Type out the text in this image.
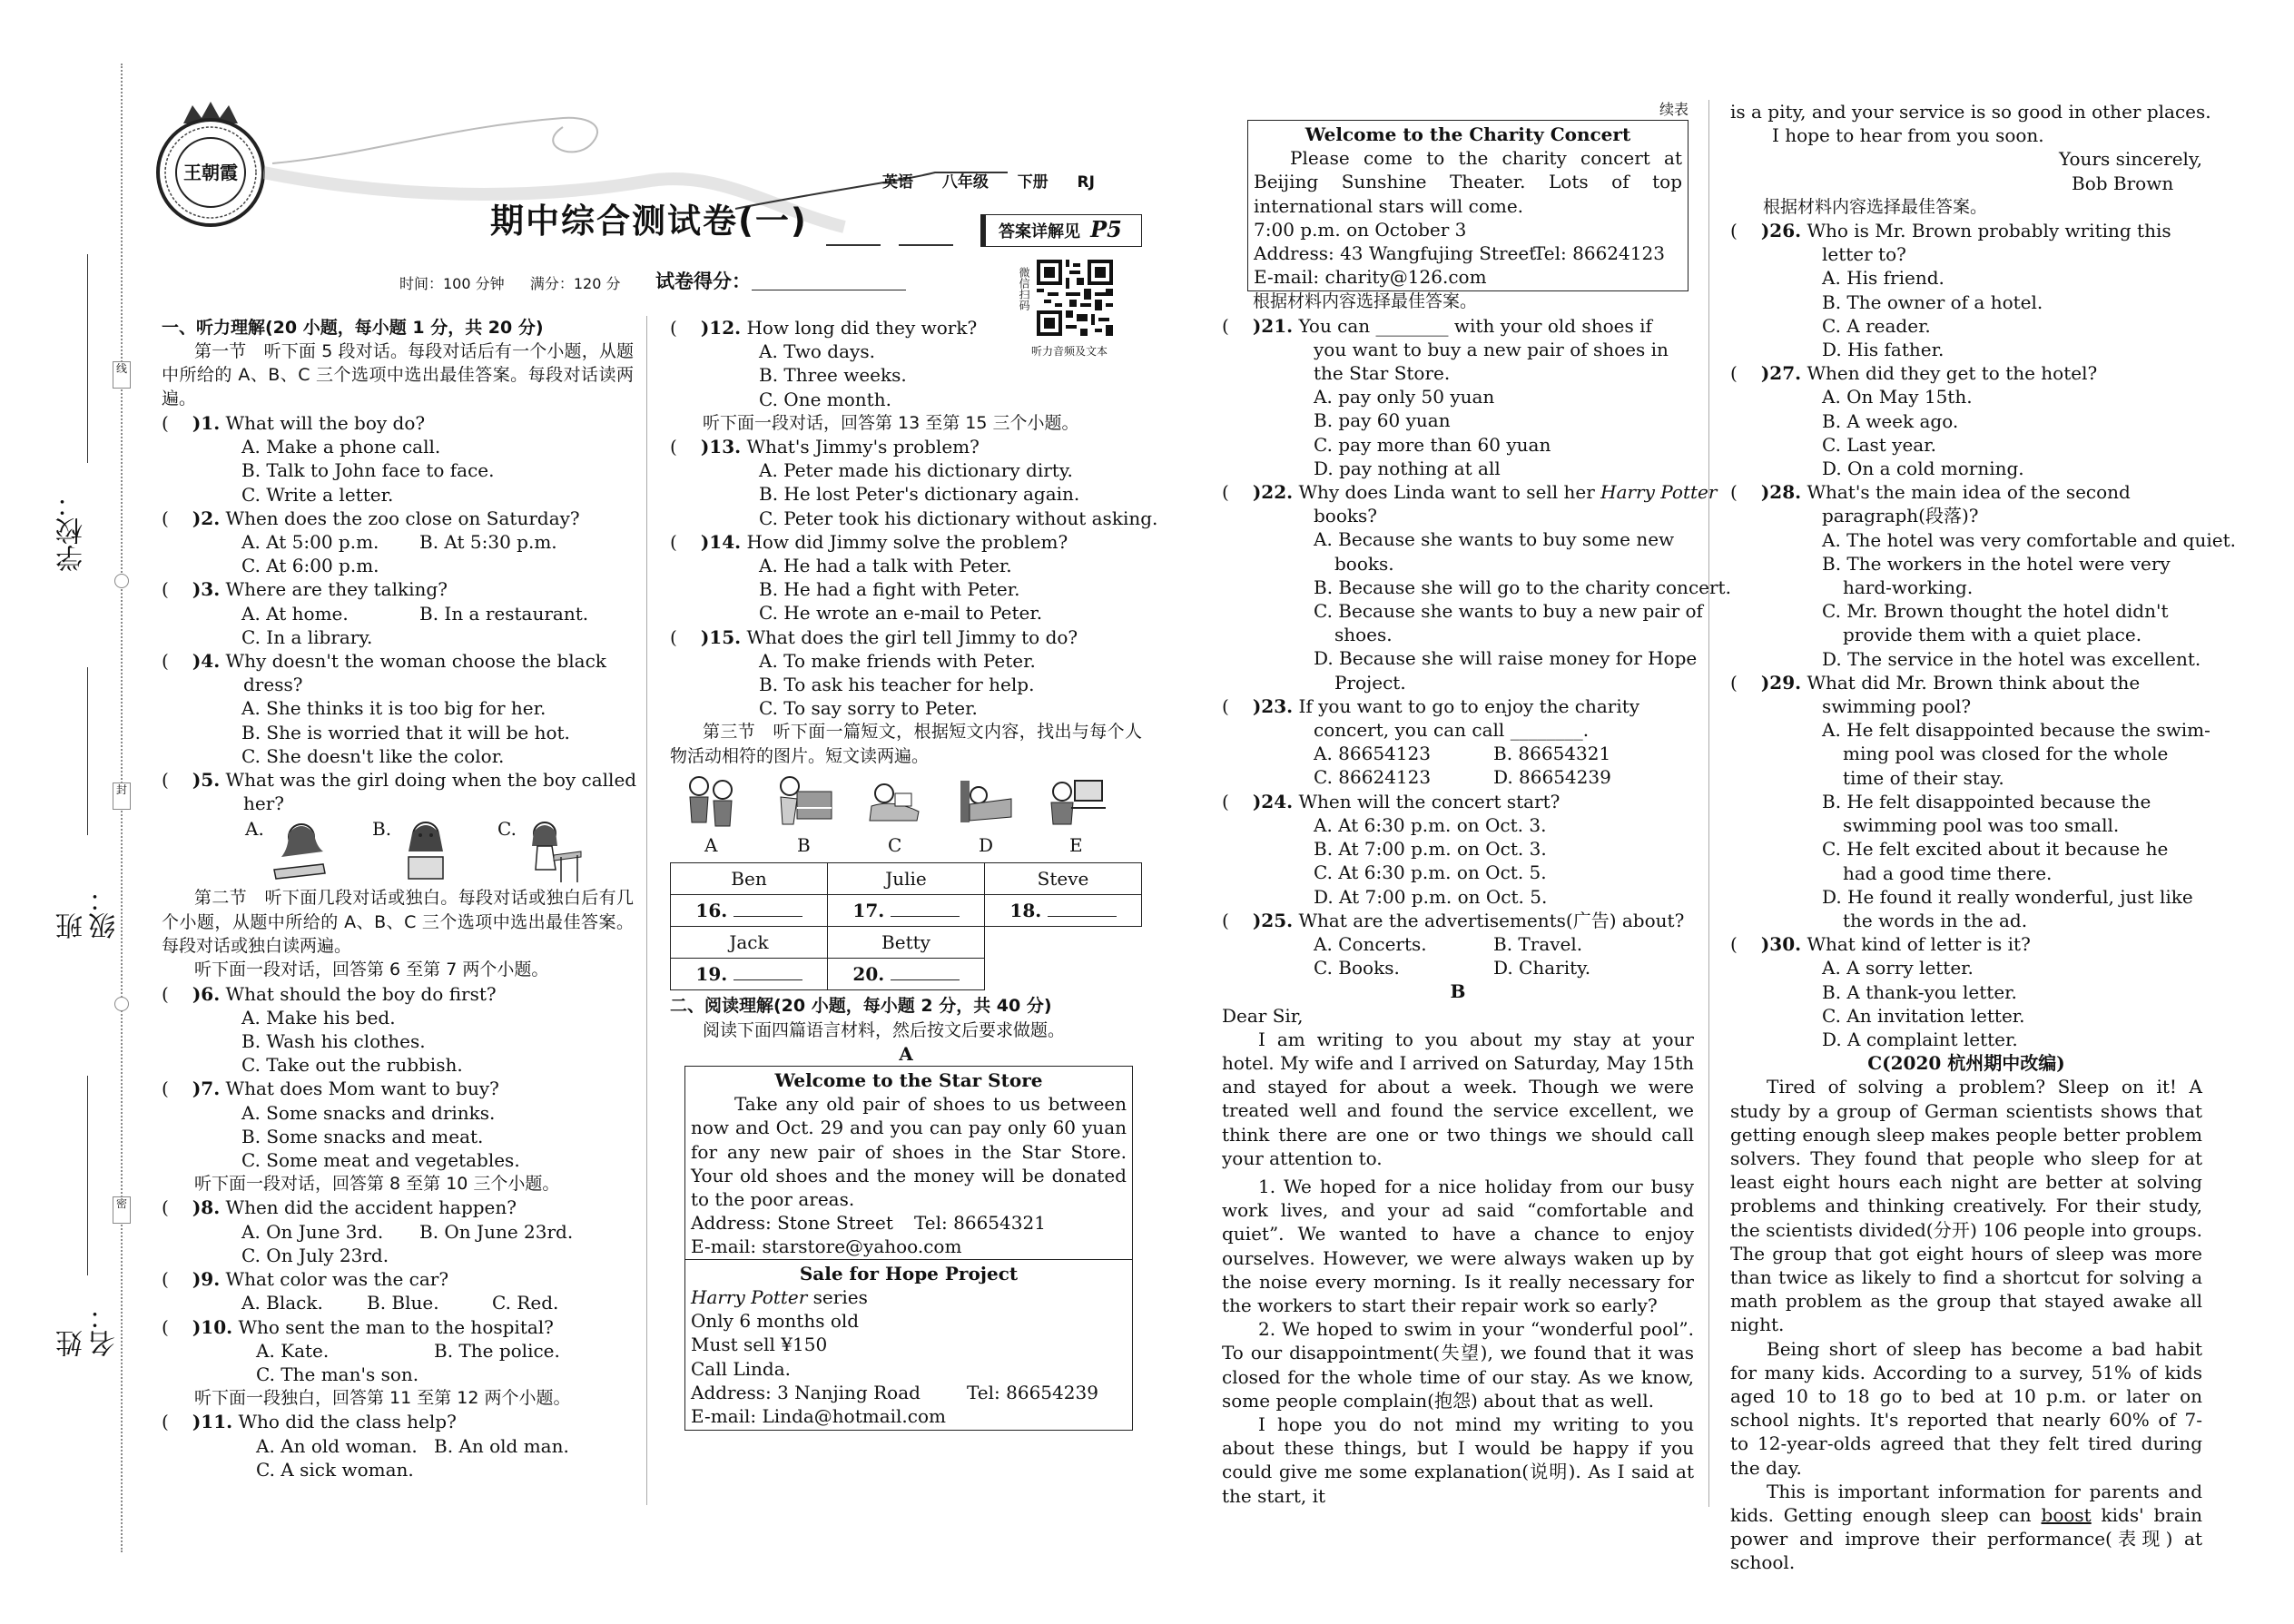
学校：
班级：
姓名：
线
封
密
王朝霞
期中综合测试卷(一)
英语 八年级 下册 RJ
答案详解见 P5
时间：100 分钟 满分：120 分 试卷得分：	微信扫码
听力音频及文本

一、听力理解(20 小题，每小题 1 分，共 20 分)

第一节　听下面 5 段对话。每段对话后有一个小题，从题中所给的 A、B、C 三个选项中选出最佳答案。每段对话读两遍。

( )1. What will the boy do?

A. Make a phone call.

B. Talk to John face to face.

C. Write a letter.

( )2. When does the zoo close on Saturday?

A. At 5:00 p.m. B. At 5:30 p.m.

C. At 6:00 p.m.

( )3. Where are they talking?

A. At home.	B. In a restaurant.

C. In a library.

( )4. Why doesn't the woman choose the black

dress?

A. She thinks it is too big for her.

B. She is worried that it will be hot.

C. She doesn't like the color.

( )5. What was the girl doing when the boy called

her?

A.	B.	C.

第二节　听下面几段对话或独白。每段对话或独白后有几个小题，从题中所给的 A、B、C 三个选项中选出最佳答案。每段对话或独白读两遍。

听下面一段对话，回答第 6 至第 7 两个小题。

( )6. What should the boy do first?

A. Make his bed.

B. Wash his clothes.

C. Take out the rubbish.

( )7. What does Mom want to buy?

A. Some snacks and drinks.

B. Some snacks and meat.

C. Some meat and vegetables.

听下面一段对话，回答第 8 至第 10 三个小题。

( )8. When did the accident happen?

A. On June 3rd. B. On June 23rd.

C. On July 23rd.

( )9. What color was the car?

A. Black. B. Blue.	C. Red.

( )10. Who sent the man to the hospital?

A. Kate.	B. The police.

C. The man's son.

听下面一段独白，回答第 11 至第 12 两个小题。

( )11. Who did the class help?

A. An old woman. B. An old man.

C. A sick woman.

( )12. How long did they work?

A. Two days.

B. Three weeks.

C. One month.

听下面一段对话，回答第 13 至第 15 三个小题。

( )13. What's Jimmy's problem?

A. Peter made his dictionary dirty.

B. He lost Peter's dictionary again.

C. Peter took his dictionary without asking.

( )14. How did Jimmy solve the problem?

A. He had a talk with Peter.

B. He had a fight with Peter.

C. He wrote an e-mail to Peter.

( )15. What does the girl tell Jimmy to do?

A. To make friends with Peter.

B. To ask his teacher for help.

C. To say sorry to Peter.

第三节　听下面一篇短文，根据短文内容，找出与每个人物活动相符的图片。短文读两遍。

A	B	C	D	E
Ben	Julie	Steve
16.	17.	18.
Jack	Betty	
19.	20.	

二、阅读理解(20 小题，每小题 2 分，共 40 分)

阅读下面四篇语言材料，然后按文后要求做题。

A

Welcome to the Star Store

Take any old pair of shoes to us between now and Oct. 29 and you can pay only 60 yuan for any new pair of shoes in the Star Store. Your old shoes and the money will be donated to the poor areas.

Address: Stone Street Tel: 86654321

E-mail: starstore@yahoo.com

Sale for Hope Project

Harry Potter series

Only 6 months old

Must sell ¥150

Call Linda.

Address: 3 Nanjing Road	Tel: 86654239

E-mail: Linda@hotmail.com

续表

Welcome to the Charity Concert

Please come to the charity concert at Beijing Sunshine Theater. Lots of top international stars will come.

7:00 p.m. on October 3

Address: 43 Wangfujing StreetTel: 86624123

E-mail: charity@126.com

根据材料内容选择最佳答案。

( )21. You can ________ with your old shoes if

you want to buy a new pair of shoes in

the Star Store.

A. pay only 50 yuan

B. pay 60 yuan

C. pay more than 60 yuan

D. pay nothing at all

( )22. Why does Linda want to sell her Harry Potter

books?

A. Because she wants to buy some new

books.

B. Because she will go to the charity concert.

C. Because she wants to buy a new pair of

shoes.

D. Because she will raise money for Hope

Project.

( )23. If you want to go to enjoy the charity

concert, you can call ________.

A. 86654123	B. 86654321

C. 86624123	D. 86654239

( )24. When will the concert start?

A. At 6:30 p.m. on Oct. 3.

B. At 7:00 p.m. on Oct. 3.

C. At 6:30 p.m. on Oct. 5.

D. At 7:00 p.m. on Oct. 5.

( )25. What are the advertisements(广告) about?

A. Concerts.	B. Travel.

C. Books.	D. Charity.

B

Dear Sir,

I am writing to you about my stay at your hotel. My wife and I arrived on Saturday, May 15th and stayed for about a week. Though we were treated well and found the service excellent, we think there are one or two things we should call your attention to.

1. We hoped for a nice holiday from our busy work lives, and your ad said “comfortable and quiet”. We wanted to have a chance to enjoy ourselves. However, we were always waken up by the noise every morning. Is it really necessary for the workers to start their repair work so early?

2. We hoped to swim in your “wonderful pool”. To our disappointment(失望), we found that it was closed for the whole time of our stay. As we know, some people complain(抱怨) about that as well.

I hope you do not mind my writing to you about these things, but I would be happy if you could give me some explanation(说明). As I said at the start, it

is a pity, and your service is so good in other places.

I hope to hear from you soon.

Yours sincerely,

Bob Brown

根据材料内容选择最佳答案。

( )26. Who is Mr. Brown probably writing this

letter to?

A. His friend.

B. The owner of a hotel.

C. A reader.

D. His father.

( )27. When did they get to the hotel?

A. On May 15th.

B. A week ago.

C. Last year.

D. On a cold morning.

( )28. What's the main idea of the second

paragraph(段落)?

A. The hotel was very comfortable and quiet.

B. The workers in the hotel were very

hard-working.

C. Mr. Brown thought the hotel didn't

provide them with a quiet place.

D. The service in the hotel was excellent.

( )29. What did Mr. Brown think about the

swimming pool?

A. He felt disappointed because the swim-

ming pool was closed for the whole

time of their stay.

B. He felt disappointed because the

swimming pool was too small.

C. He felt excited about it because he

had a good time there.

D. He found it really wonderful, just like

the words in the ad.

( )30. What kind of letter is it?

A. A sorry letter.

B. A thank-you letter.

C. An invitation letter.

D. A complaint letter.

C(2020 杭州期中改编)

Tired of solving a problem? Sleep on it! A study by a group of German scientists shows that getting enough sleep makes people better problem solvers. They found that people who sleep for at least eight hours each night are better at solving problems and thinking creatively. For their study, the scientists divided(分开) 106 people into groups. The group that got eight hours of sleep was more than twice as likely to find a shortcut for solving a math problem as the group that stayed awake all night.

Being short of sleep has become a bad habit for many kids. According to a survey, 51% of kids aged 10 to 18 go to bed at 10 p.m. or later on school nights. It's reported that nearly 60% of 7- to 12-year-olds agreed that they felt tired during the day.

This is important information for parents and kids. Getting enough sleep can boost kids' brain power and improve their performance(表现) at school.
